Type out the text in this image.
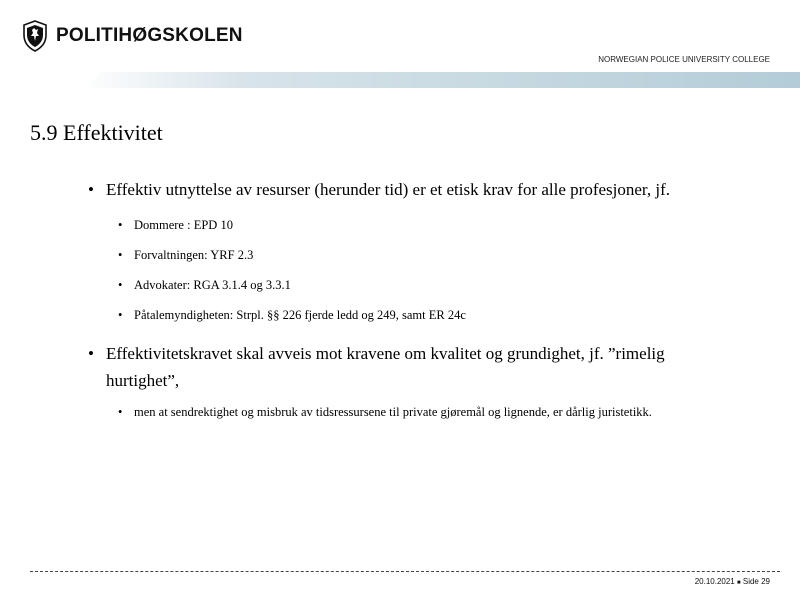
POLITIHØGSKOLEN
NORWEGIAN POLICE UNIVERSITY COLLEGE
5.9 Effektivitet
• Effektiv utnyttelse av resurser (herunder tid) er et etisk krav for alle profesjoner, jf.
• Dommere : EPD 10
• Forvaltningen: YRF 2.3
• Advokater: RGA 3.1.4 og 3.3.1
• Påtalemyndigheten: Strpl. §§ 226 fjerde ledd og 249, samt ER 24c
• Effektivitetskravet skal avveis mot kravene om kvalitet og grundighet, jf. ”rimelig
hurtighet”,
• men at sendrektighet og misbruk av tidsressursene til private gjøremål og lignende, er dårlig juristetikk.
20.10.2021 ■ Side 29
